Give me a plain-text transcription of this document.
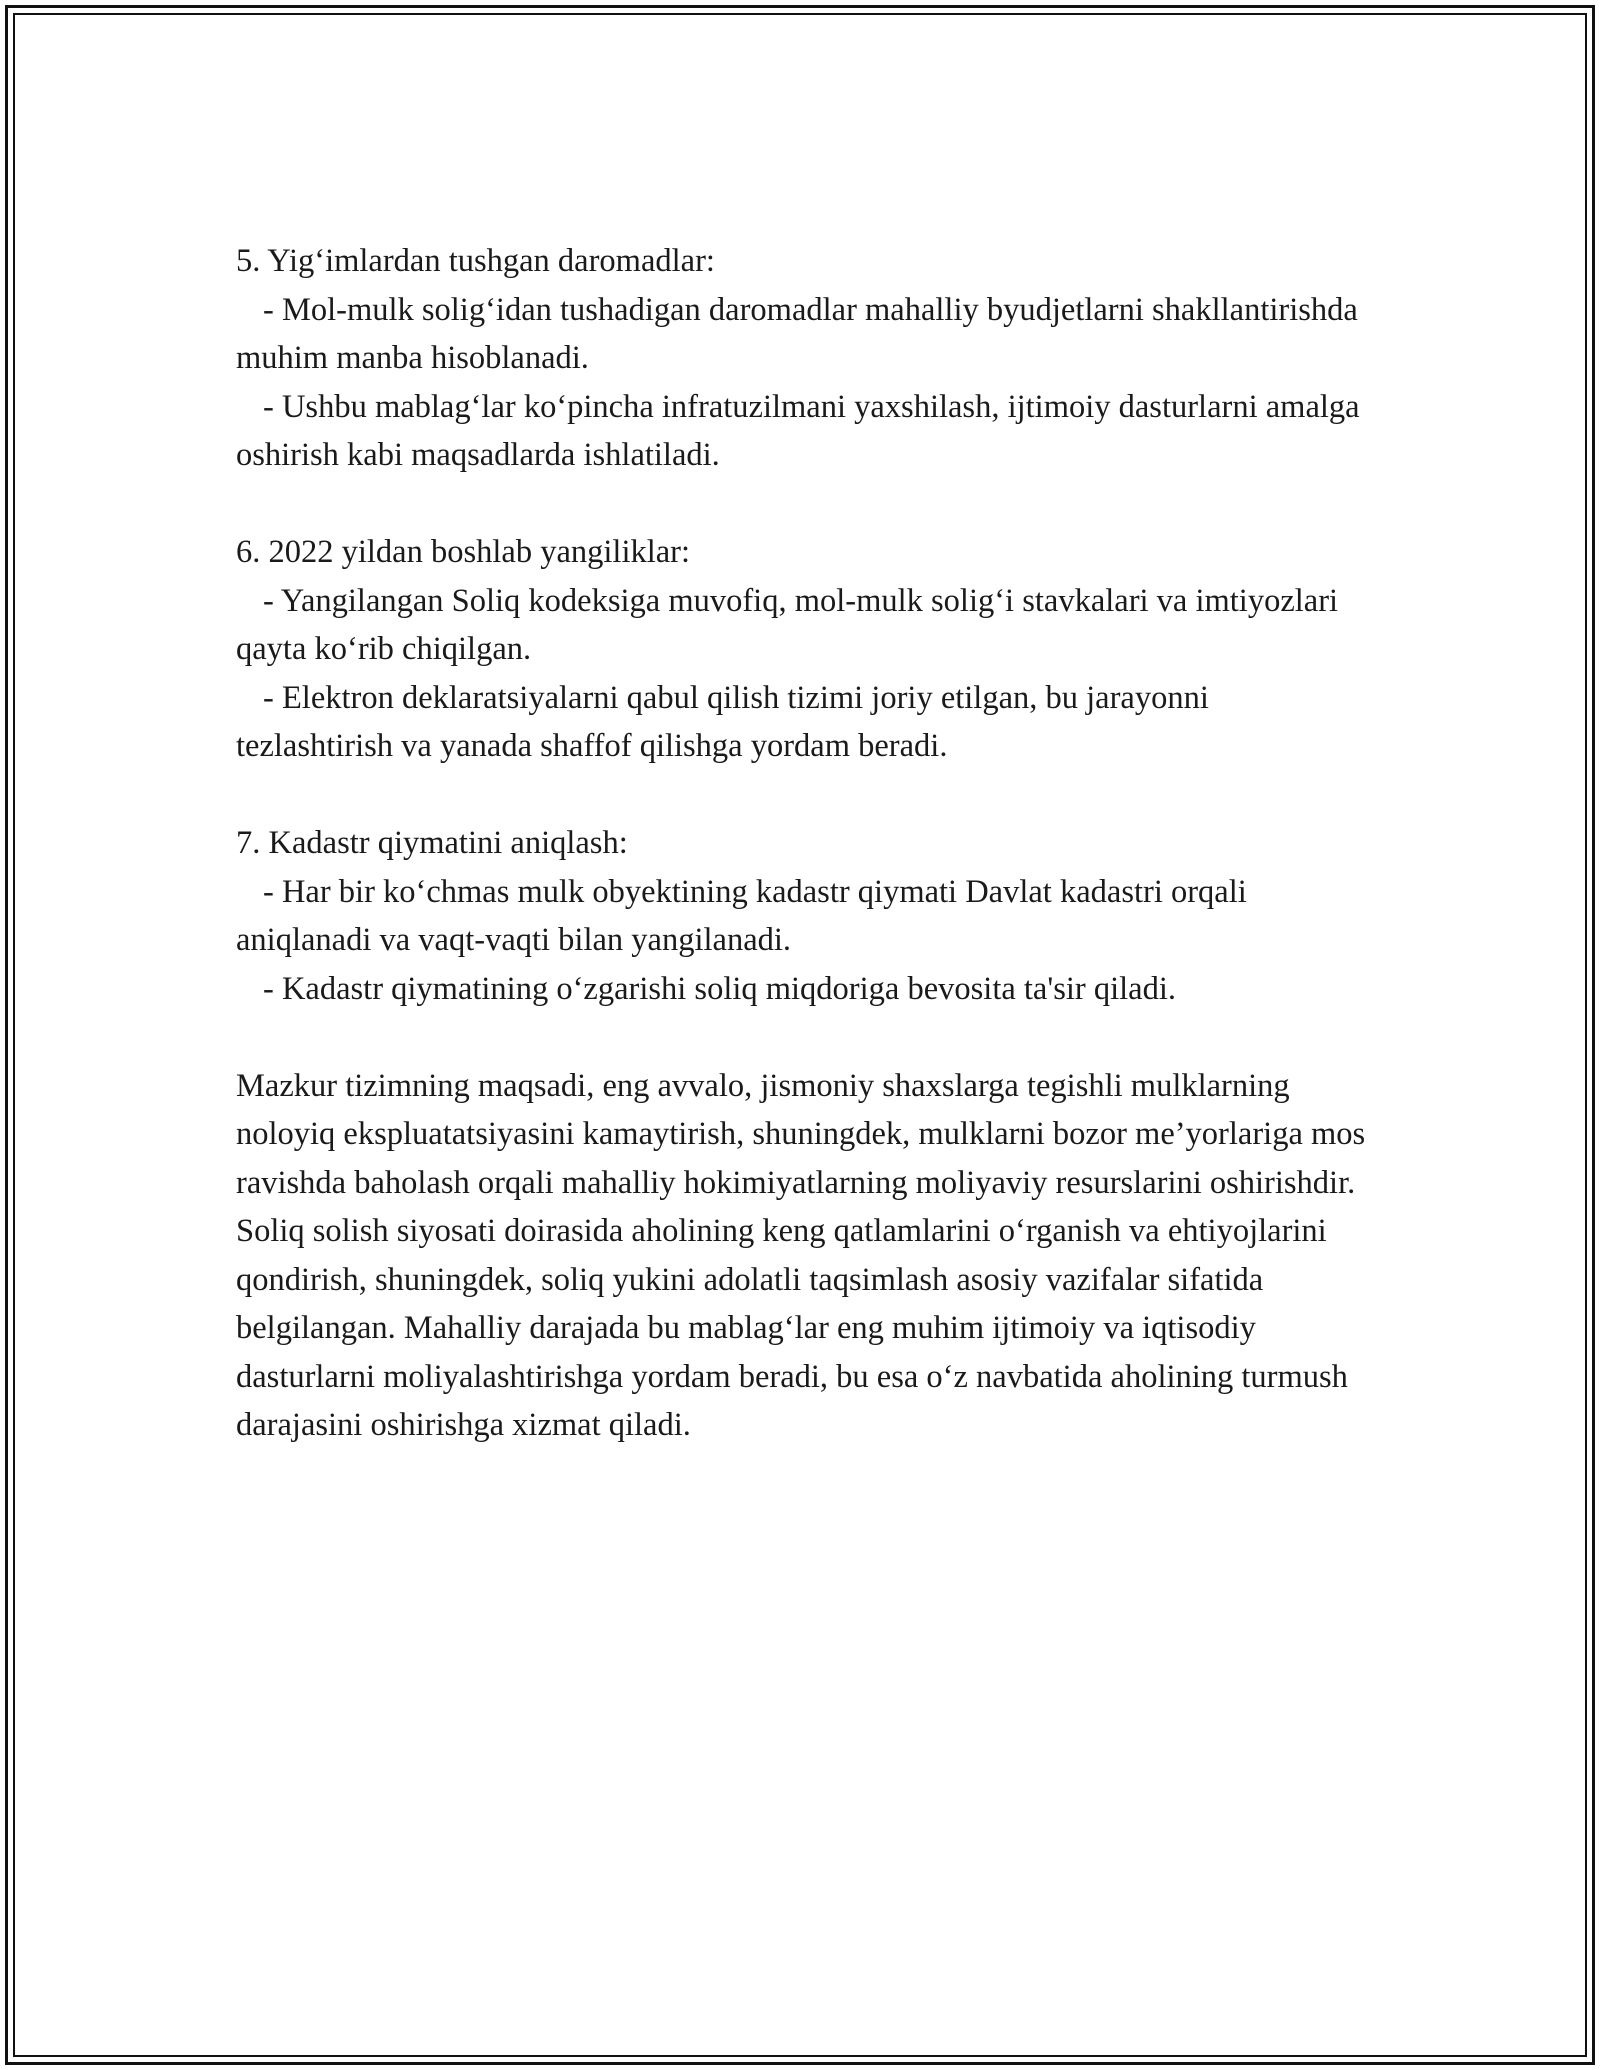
5. Yig‘imlardan tushgan daromadlar:

- Mol-mulk solig‘idan tushadigan daromadlar mahalliy byudjetlarni shakllantirishda muhim manba hisoblanadi.

- Ushbu mablag‘lar ko‘pincha infratuzilmani yaxshilash, ijtimoiy dasturlarni amalga oshirish kabi maqsadlarda ishlatiladi.

6. 2022 yildan boshlab yangiliklar:

- Yangilangan Soliq kodeksiga muvofiq, mol-mulk solig‘i stavkalari va imtiyozlari qayta ko‘rib chiqilgan.

- Elektron deklaratsiyalarni qabul qilish tizimi joriy etilgan, bu jarayonni tezlashtirish va yanada shaffof qilishga yordam beradi.

7. Kadastr qiymatini aniqlash:

- Har bir ko‘chmas mulk obyektining kadastr qiymati Davlat kadastri orqali aniqlanadi va vaqt-vaqti bilan yangilanadi.

- Kadastr qiymatining o‘zgarishi soliq miqdoriga bevosita ta'sir qiladi.

Mazkur tizimning maqsadi, eng avvalo, jismoniy shaxslarga tegishli mulklarning noloyiq ekspluatatsiyasini kamaytirish, shuningdek, mulklarni bozor me’yorlariga mos ravishda baholash orqali mahalliy hokimiyatlarning moliyaviy resurslarini oshirishdir. Soliq solish siyosati doirasida aholining keng qatlamlarini o‘rganish va ehtiyojlarini qondirish, shuningdek, soliq yukini adolatli taqsimlash asosiy vazifalar sifatida belgilangan. Mahalliy darajada bu mablag‘lar eng muhim ijtimoiy va iqtisodiy dasturlarni moliyalashtirishga yordam beradi, bu esa o‘z navbatida aholining turmush darajasini oshirishga xizmat qiladi.
